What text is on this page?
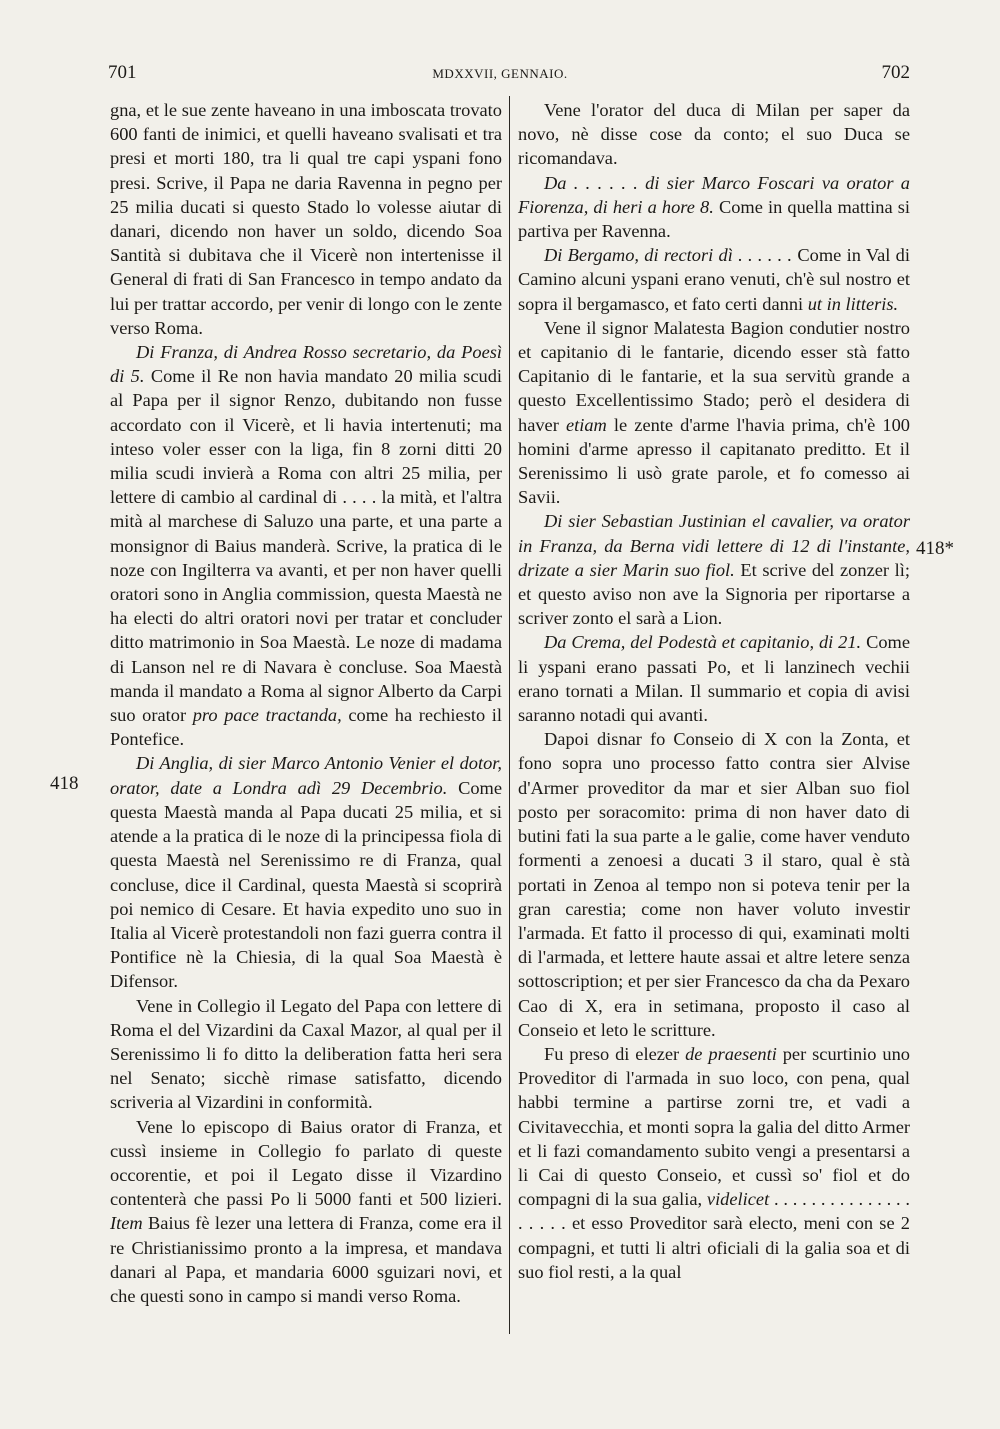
701	MDXXVII, GENNAIO.	702
418
418*

gna, et le sue zente haveano in una imboscata trovato 600 fanti de inimici, et quelli haveano svalisati et tra presi et morti 180, tra li qual tre capi yspani fono presi. Scrive, il Papa ne daria Ravenna in pegno per 25 milia ducati si questo Stado lo volesse aiutar di danari, dicendo non haver un soldo, dicendo Soa Santità si dubitava che il Vicerè non intertenisse il General di frati di San Francesco in tempo andato da lui per trattar accordo, per venir di longo con le zente verso Roma.

Di Franza, di Andrea Rosso secretario, da Poesì di 5. Come il Re non havia mandato 20 milia scudi al Papa per il signor Renzo, dubitando non fusse accordato con il Vicerè, et li havia intertenuti; ma inteso voler esser con la liga, fin 8 zorni ditti 20 milia scudi invierà a Roma con altri 25 milia, per lettere di cambio al cardinal di . . . . la mità, et l'altra mità al marchese di Saluzo una parte, et una parte a monsignor di Baius manderà. Scrive, la pratica di le noze con Ingilterra va avanti, et per non haver quelli oratori sono in Anglia commission, questa Maestà ne ha electi do altri oratori novi per tratar et concluder ditto matrimonio in Soa Maestà. Le noze di madama di Lanson nel re di Navara è concluse. Soa Maestà manda il mandato a Roma al signor Alberto da Carpi suo orator pro pace tractanda, come ha rechiesto il Pontefice.

Di Anglia, di sier Marco Antonio Venier el dotor, orator, date a Londra adì 29 Decembrio. Come questa Maestà manda al Papa ducati 25 milia, et si atende a la pratica di le noze di la principessa fiola di questa Maestà nel Serenissimo re di Franza, qual concluse, dice il Cardinal, questa Maestà si scoprirà poi nemico di Cesare. Et havia expedito uno suo in Italia al Vicerè protestandoli non fazi guerra contra il Pontifice nè la Chiesia, di la qual Soa Maestà è Difensor.

Vene in Collegio il Legato del Papa con lettere di Roma el del Vizardini da Caxal Mazor, al qual per il Serenissimo li fo ditto la deliberation fatta heri sera nel Senato; sicchè rimase satisfatto, dicendo scriveria al Vizardini in conformità.

Vene lo episcopo di Baius orator di Franza, et cussì insieme in Collegio fo parlato di queste occorentie, et poi il Legato disse il Vizardino contenterà che passi Po li 5000 fanti et 500 lizieri. Item Baius fè lezer una lettera di Franza, come era il re Christianissimo pronto a la impresa, et mandava danari al Papa, et mandaria 6000 sguizari novi, et che questi sono in campo si mandi verso Roma.

Vene l'orator del duca di Milan per saper da novo, nè disse cose da conto; el suo Duca se ricomandava.

Da . . . . . . di sier Marco Foscari va orator a Fiorenza, di heri a hore 8. Come in quella mattina si partiva per Ravenna.

Di Bergamo, di rectori dì . . . . . . Come in Val di Camino alcuni yspani erano venuti, ch'è sul nostro et sopra il bergamasco, et fato certi danni ut in litteris.

Vene il signor Malatesta Bagion condutier nostro et capitanio di le fantarie, dicendo esser stà fatto Capitanio di le fantarie, et la sua servitù grande a questo Excellentissimo Stado; però el desidera di haver etiam le zente d'arme l'havia prima, ch'è 100 homini d'arme apresso il capitanato preditto. Et il Serenissimo li usò grate parole, et fo comesso ai Savii.

Di sier Sebastian Justinian el cavalier, va orator in Franza, da Berna vidi lettere di 12 di l'instante, drizate a sier Marin suo fiol. Et scrive del zonzer lì; et questo aviso non ave la Signoria per riportarse a scriver zonto el sarà a Lion.

Da Crema, del Podestà et capitanio, di 21. Come li yspani erano passati Po, et li lanzinech vechii erano tornati a Milan. Il summario et copia di avisi saranno notadi qui avanti.

Dapoi disnar fo Conseio di X con la Zonta, et fono sopra uno processo fatto contra sier Alvise d'Armer proveditor da mar et sier Alban suo fiol posto per soracomito: prima di non haver dato di butini fati la sua parte a le galie, come haver venduto formenti a zenoesi a ducati 3 il staro, qual è stà portati in Zenoa al tempo non si poteva tenir per la gran carestia; come non haver voluto investir l'armada. Et fatto il processo di qui, examinati molti di l'armada, et lettere haute assai et altre letere senza sottoscription; et per sier Francesco da cha da Pexaro Cao di X, era in setimana, proposto il caso al Conseio et leto le scritture.

Fu preso di elezer de praesenti per scurtinio uno Proveditor di l'armada in suo loco, con pena, qual habbi termine a partirse zorni tre, et vadi a Civitavecchia, et monti sopra la galia del ditto Armer et li fazi comandamento subito vengi a presentarsi a li Cai di questo Conseio, et cussì so' fiol et do compagni di la sua galia, videlicet . . . . . . . . . . . . . . . . . . . . et esso Proveditor sarà electo, meni con se 2 compagni, et tutti li altri oficiali di la galia soa et di suo fiol resti, a la qual
